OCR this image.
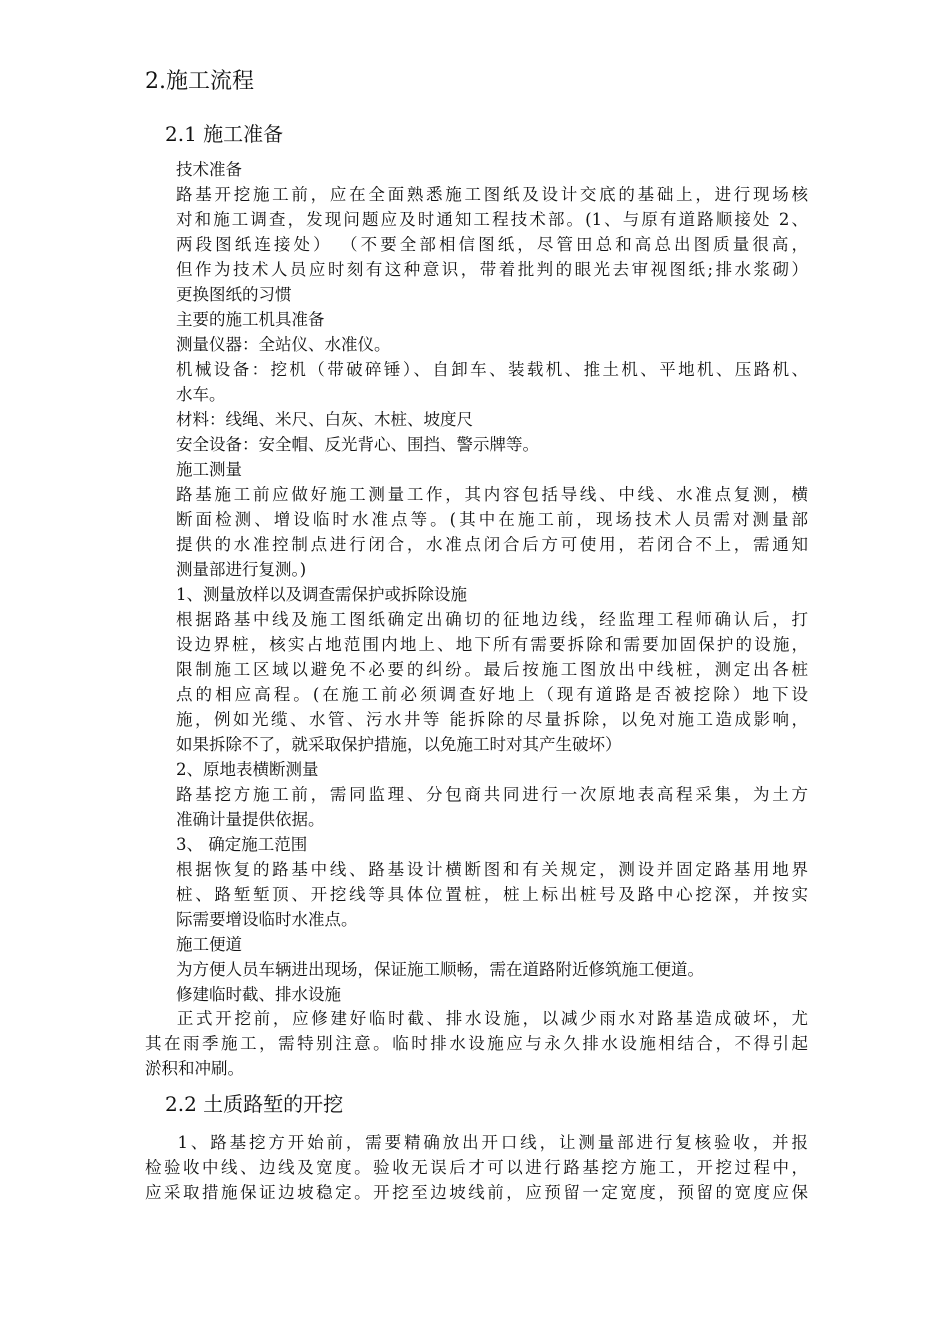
2.施工流程
2.1 施工准备
技术准备
路基开挖施工前，应在全面熟悉施工图纸及设计交底的基础上，进行现场核
对和施工调查，发现问题应及时通知工程技术部。(1、与原有道路顺接处 2、
两段图纸连接处） （不要全部相信图纸，尽管田总和高总出图质量很高，
但作为技术人员应时刻有这种意识，带着批判的眼光去审视图纸;排水浆砌）
更换图纸的习惯
主要的施工机具准备
测量仪器：全站仪、水准仪。
机械设备：挖机（带破碎锤）、自卸车、装载机、推土机、平地机、压路机、
水车。
材料：线绳、米尺、白灰、木桩、坡度尺
安全设备：安全帽、反光背心、围挡、警示牌等。
施工测量
路基施工前应做好施工测量工作，其内容包括导线、中线、水准点复测，横
断面检测、增设临时水准点等。(其中在施工前，现场技术人员需对测量部
提供的水准控制点进行闭合，水准点闭合后方可使用，若闭合不上，需通知
测量部进行复测。)
1、测量放样以及调查需保护或拆除设施
根据路基中线及施工图纸确定出确切的征地边线，经监理工程师确认后，打
设边界桩，核实占地范围内地上、地下所有需要拆除和需要加固保护的设施，
限制施工区域以避免不必要的纠纷。最后按施工图放出中线桩，测定出各桩
点的相应高程。(在施工前必须调查好地上（现有道路是否被挖除）地下设
施，例如光缆、水管、污水井等 能拆除的尽量拆除，以免对施工造成影响，
如果拆除不了，就采取保护措施，以免施工时对其产生破坏）
2、原地表横断测量
路基挖方施工前，需同监理、分包商共同进行一次原地表高程采集，为土方
准确计量提供依据。
3、 确定施工范围
根据恢复的路基中线、路基设计横断图和有关规定，测设并固定路基用地界
桩、路堑堑顶、开挖线等具体位置桩，桩上标出桩号及路中心挖深，并按实
际需要增设临时水准点。
施工便道
为方便人员车辆进出现场，保证施工顺畅，需在道路附近修筑施工便道。
修建临时截、排水设施
正式开挖前，应修建好临时截、排水设施，以减少雨水对路基造成破坏，尤
其在雨季施工，需特别注意。临时排水设施应与永久排水设施相结合，不得引起
淤积和冲刷。
2.2 土质路堑的开挖
1、路基挖方开始前，需要精确放出开口线，让测量部进行复核验收，并报
检验收中线、边线及宽度。验收无误后才可以进行路基挖方施工，开挖过程中，
应采取措施保证边坡稳定。开挖至边坡线前，应预留一定宽度，预留的宽度应保
